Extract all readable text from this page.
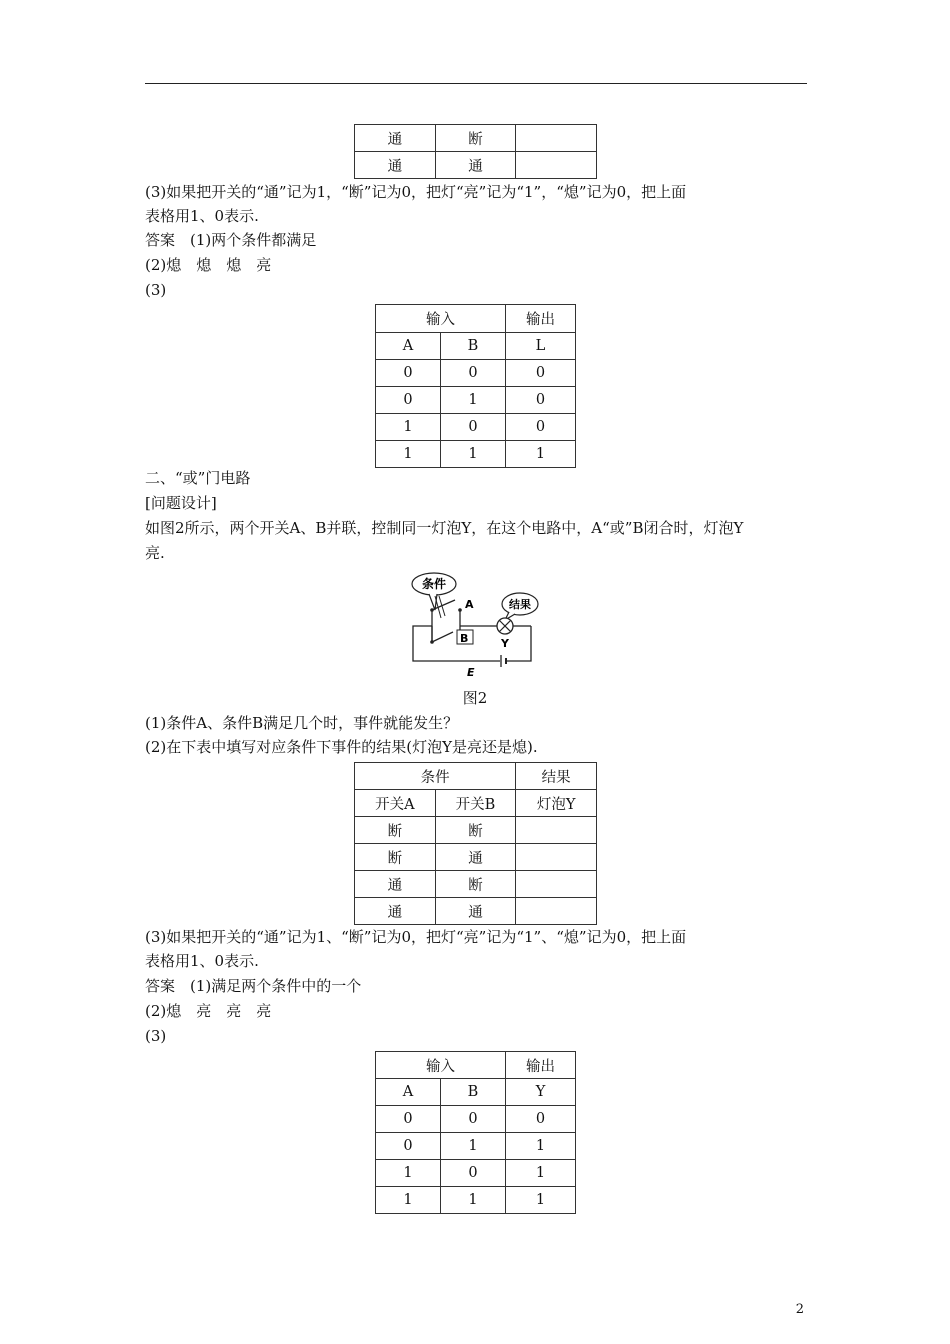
通	断	
通	通	
(3)如果把开关的“通”记为1，“断”记为0，把灯“亮”记为“1”，“熄”记为0，把上面
表格用1、0表示.
答案　(1)两个条件都满足
(2)熄　熄　熄　亮
(3)
输入		输出
A	B	L
0	0	0
0	1	0
1	0	0
1	1	1
二、“或”门电路
[问题设计]
如图2所示，两个开关A、B并联，控制同一灯泡Y，在这个电路中，A“或”B闭合时，灯泡Y
亮.
条件
结果
A
B	Y
E
图2
(1)条件A、条件B满足几个时，事件就能发生？
(2)在下表中填写对应条件下事件的结果(灯泡Y是亮还是熄).
条件		结果
开关A	开关B	灯泡Y
断	断	
断	通	
通	断	
通	通	
(3)如果把开关的“通”记为1、“断”记为0，把灯“亮”记为“1”、“熄”记为0，把上面
表格用1、0表示.
答案　(1)满足两个条件中的一个
(2)熄　亮　亮　亮
(3)
输入		输出
A	B	Y
0	0	0
0	1	1
1	0	1
1	1	1
2
